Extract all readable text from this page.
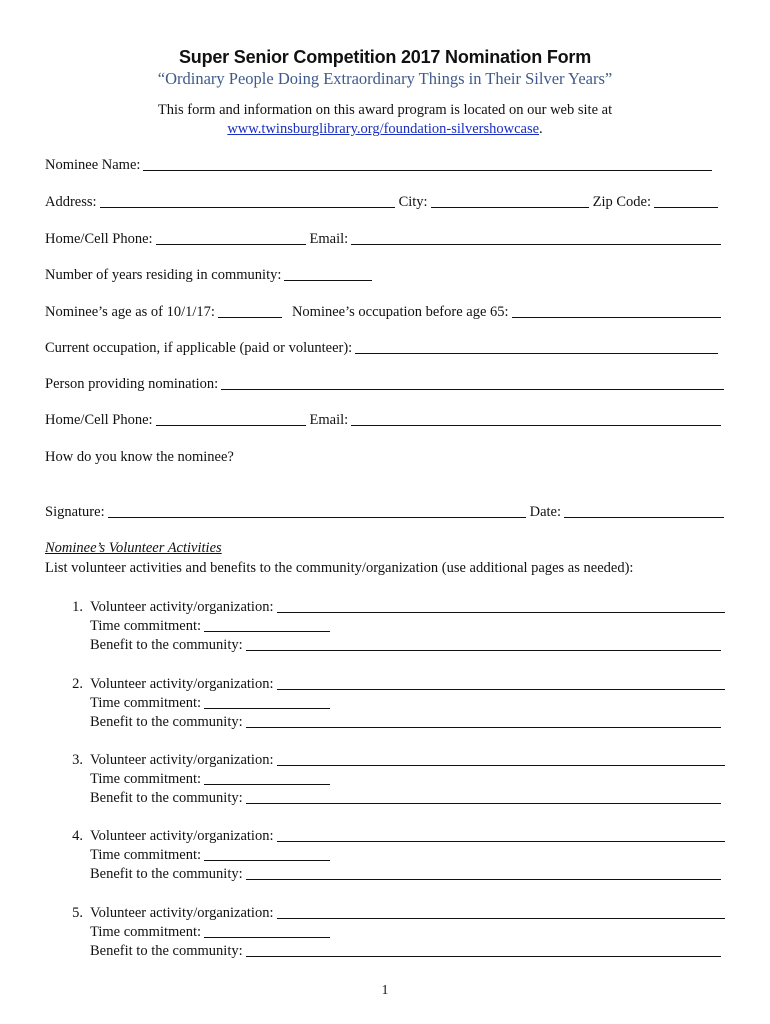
Super Senior Competition 2017 Nomination Form
“Ordinary People Doing Extraordinary Things in Their Silver Years”
This form and information on this award program is located on our web site at
www.twinsburglibrary.org/foundation-silvershowcase.
Nominee Name:
Address:	City:	Zip Code:
Home/Cell Phone:	Email:
Number of years residing in community:
Nominee’s age as of 10/1/17:	Nominee’s occupation before age 65:
Current occupation, if applicable (paid or volunteer):
Person providing nomination:
Home/Cell Phone:	Email:
How do you know the nominee?
Signature:	Date:
Nominee’s Volunteer Activities
List volunteer activities and benefits to the community/organization (use additional pages as needed):
1. Volunteer activity/organization:
Time commitment:
Benefit to the community:
2. Volunteer activity/organization:
Time commitment:
Benefit to the community:
3. Volunteer activity/organization:
Time commitment:
Benefit to the community:
4. Volunteer activity/organization:
Time commitment:
Benefit to the community:
5. Volunteer activity/organization:
Time commitment:
Benefit to the community:
1
